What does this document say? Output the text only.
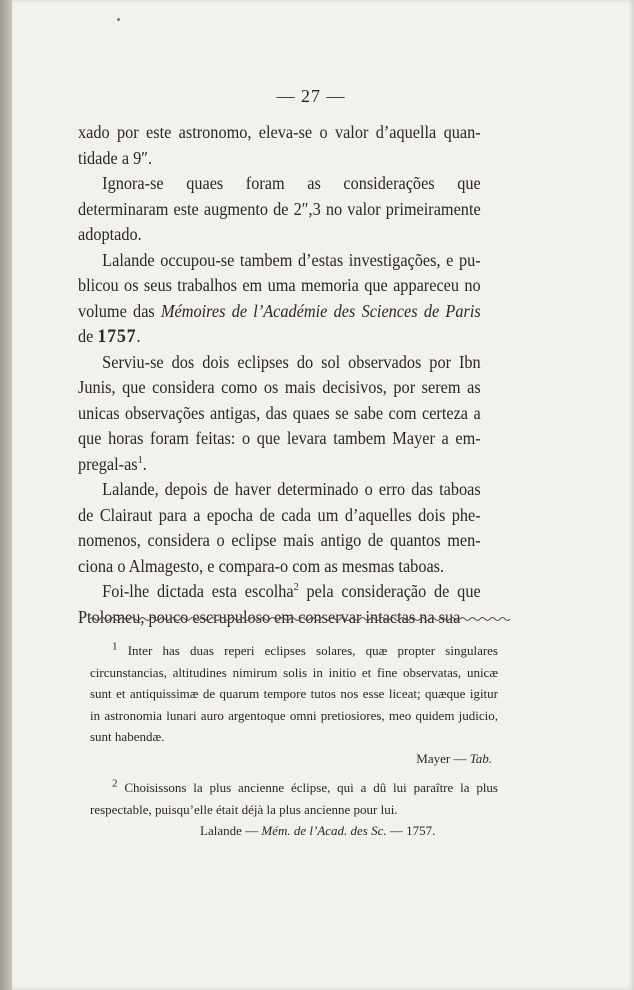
— 27 —

xado por este astronomo, eleva-se o valor d’aquella quantidade a 9″.

Ignora-se quaes foram as considerações que determinaram este augmento de 2″,3 no valor primeiramente adoptado.

Lalande occupou-se tambem d’estas investigações, e publicou os seus trabalhos em uma memoria que appareceu no volume das Mémoires de l’Académie des Sciences de Paris de 1757.

Serviu-se dos dois eclipses do sol observados por Ibn Junis, que considera como os mais decisivos, por serem as unicas observações antigas, das quaes se sabe com certeza a que horas foram feitas: o que levara tambem Mayer a empregal-$as^1$.

Lalande, depois de haver determinado o erro das taboas de Clairaut para a epocha de cada um d’aquelles dois phenomenos, considera o eclipse mais antigo de quantos menciona o Almagesto, e compara-o com as mesmas taboas.

Foi-lhe dictada esta escolha$^2$ pela consideração de que Ptolomeu, pouco escrupuloso em conservar intactas na sua

$^1$ Inter has duas reperi eclipses solares, quæ propter singulares circunstancias, altitudines nimirum solis in initio et fine observatas, unicæ sunt et antiquissimæ de quarum tempore tutos nos esse liceat; quæque igitur in astronomia lunari auro argentoque omni pretiosiores, meo quidem judicio, sunt habendæ.

Mayer — Tab.

$^2$ Choisissons la plus ancienne éclipse, qui a dû lui paraître la plus respectable, puisqu’elle était déjà la plus ancienne pour lui.

Lalande — Mém. de l’Acad. des Sc. — 1757.
